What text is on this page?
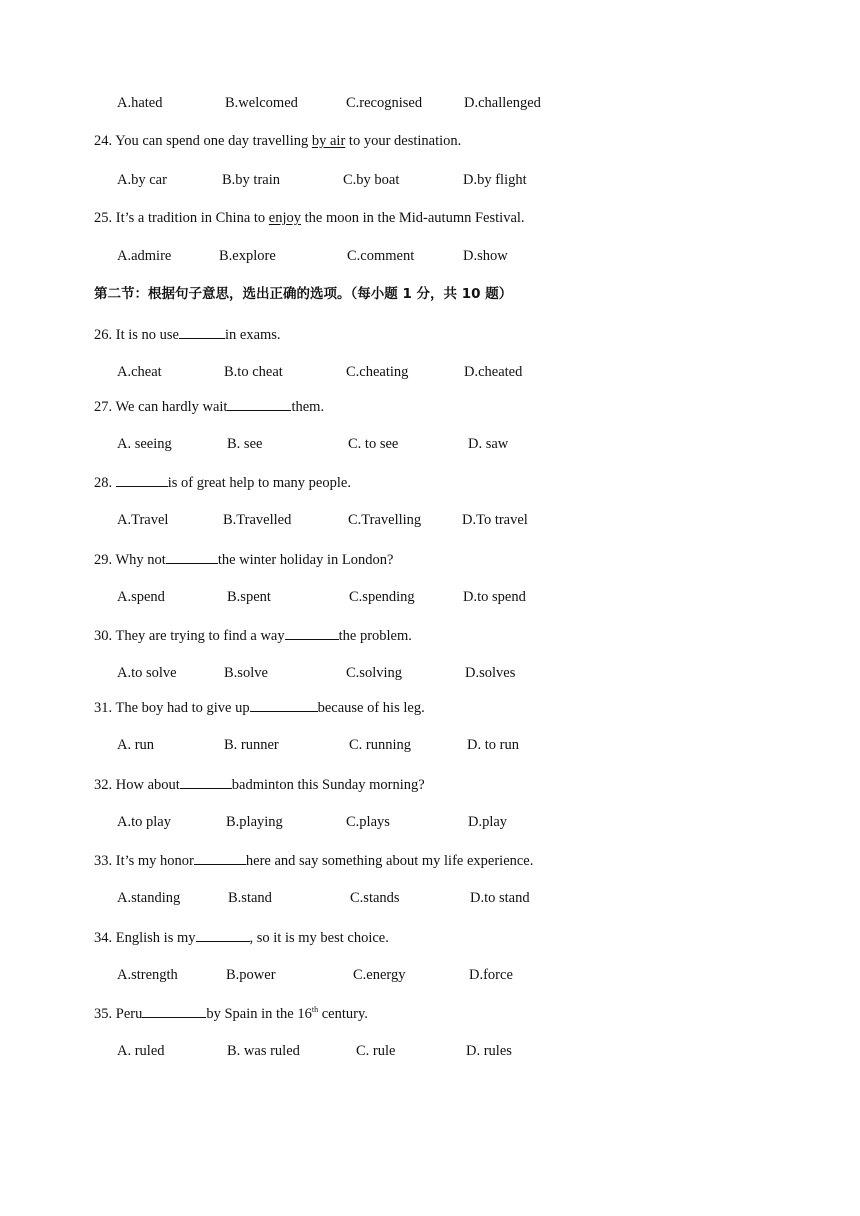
A.hated	B.welcomed	C.recognised	D.challenged
24. You can spend one day travelling by air to your destination.
A.by car	B.by train	C.by boat	D.by flight
25. It’s a tradition in China to enjoy the moon in the Mid-autumn Festival.
A.admire	B.explore	C.comment	D.show
第二节：根据句子意思，选出正确的选项。（每小题 1 分，共 10 题）
26. It is no use	in exams.
A.cheat	B.to cheat	C.cheating	D.cheated
27. We can hardly wait	them.
A. seeing	B. see	C. to see	D. saw
28.	is of great help to many people.
A.Travel	B.Travelled	C.Travelling	D.To travel
29. Why not	the winter holiday in London?
A.spend	B.spent	C.spending	D.to spend
30. They are trying to find a way	the problem.
A.to solve	B.solve	C.solving	D.solves
31. The boy had to give up	because of his leg.
A. run	B. runner	C. running	D. to run
32. How about	badminton this Sunday morning?
A.to play	B.playing	C.plays	D.play
33. It’s my honor	here and say something about my life experience.
A.standing	B.stand	C.stands	D.to stand
34. English is my	, so it is my best choice.
A.strength	B.power	C.energy	D.force
35. Peru	by Spain in the 16th century.
A. ruled	B. was ruled	C. rule	D. rules
